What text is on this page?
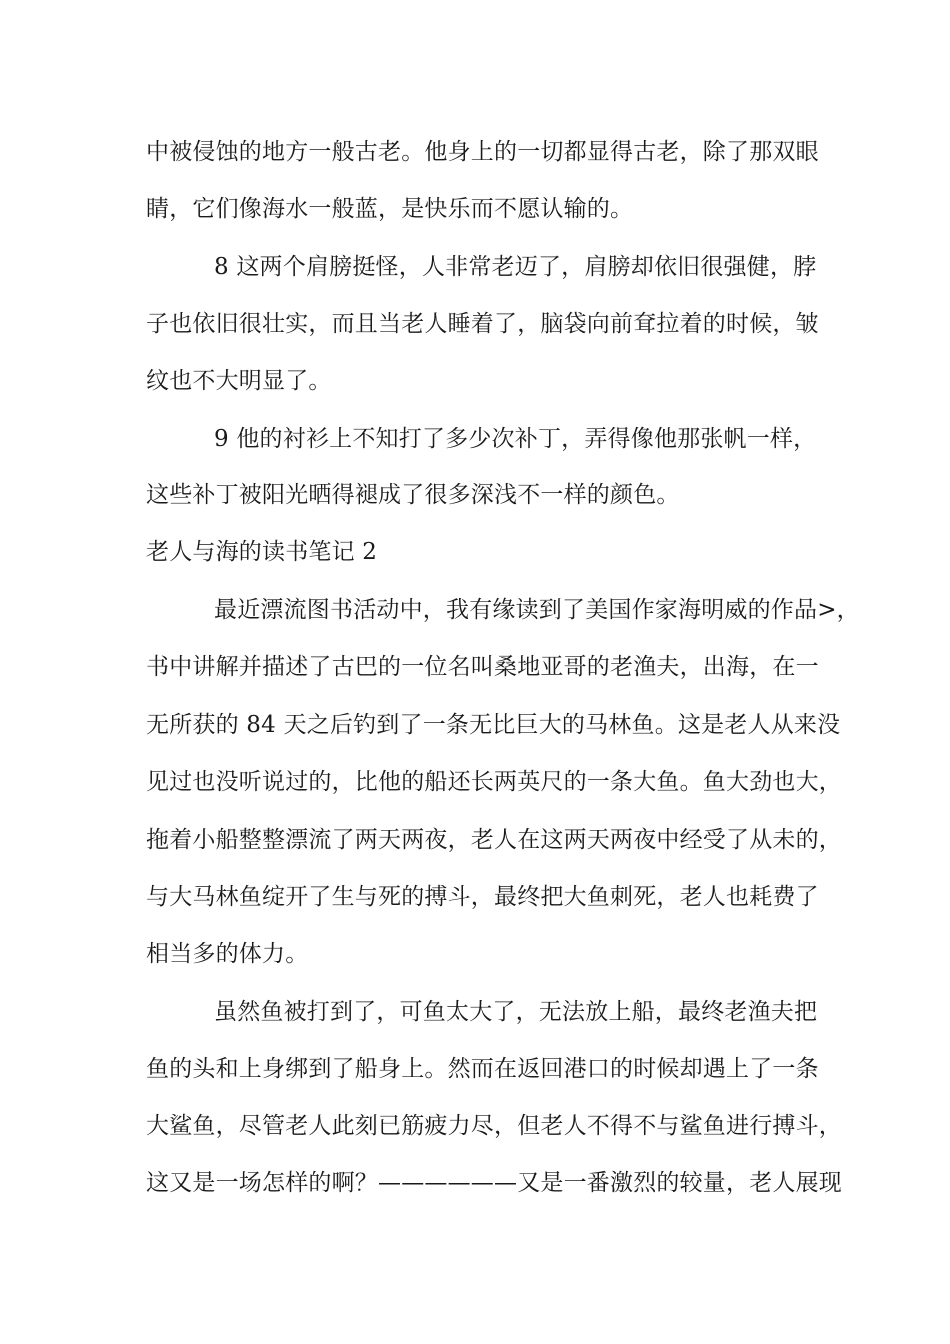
中被侵蚀的地方一般古老。他身上的一切都显得古老，除了那双眼
睛，它们像海水一般蓝，是快乐而不愿认输的。
8 这两个肩膀挺怪，人非常老迈了，肩膀却依旧很强健，脖
子也依旧很壮实，而且当老人睡着了，脑袋向前耷拉着的时候，皱
纹也不大明显了。
9 他的衬衫上不知打了多少次补丁，弄得像他那张帆一样，
这些补丁被阳光晒得褪成了很多深浅不一样的颜色。
老人与海的读书笔记 2
最近漂流图书活动中，我有缘读到了美国作家海明威的作品>，
书中讲解并描述了古巴的一位名叫桑地亚哥的老渔夫，出海，在一
无所获的 84 天之后钓到了一条无比巨大的马林鱼。这是老人从来没
见过也没听说过的，比他的船还长两英尺的一条大鱼。鱼大劲也大，
拖着小船整整漂流了两天两夜，老人在这两天两夜中经受了从未的，
与大马林鱼绽开了生与死的搏斗，最终把大鱼刺死，老人也耗费了
相当多的体力。
虽然鱼被打到了，可鱼太大了，无法放上船，最终老渔夫把
鱼的头和上身绑到了船身上。然而在返回港口的时候却遇上了一条
大鲨鱼，尽管老人此刻已筋疲力尽，但老人不得不与鲨鱼进行搏斗，
这又是一场怎样的啊？——————又是一番激烈的较量，老人展现
